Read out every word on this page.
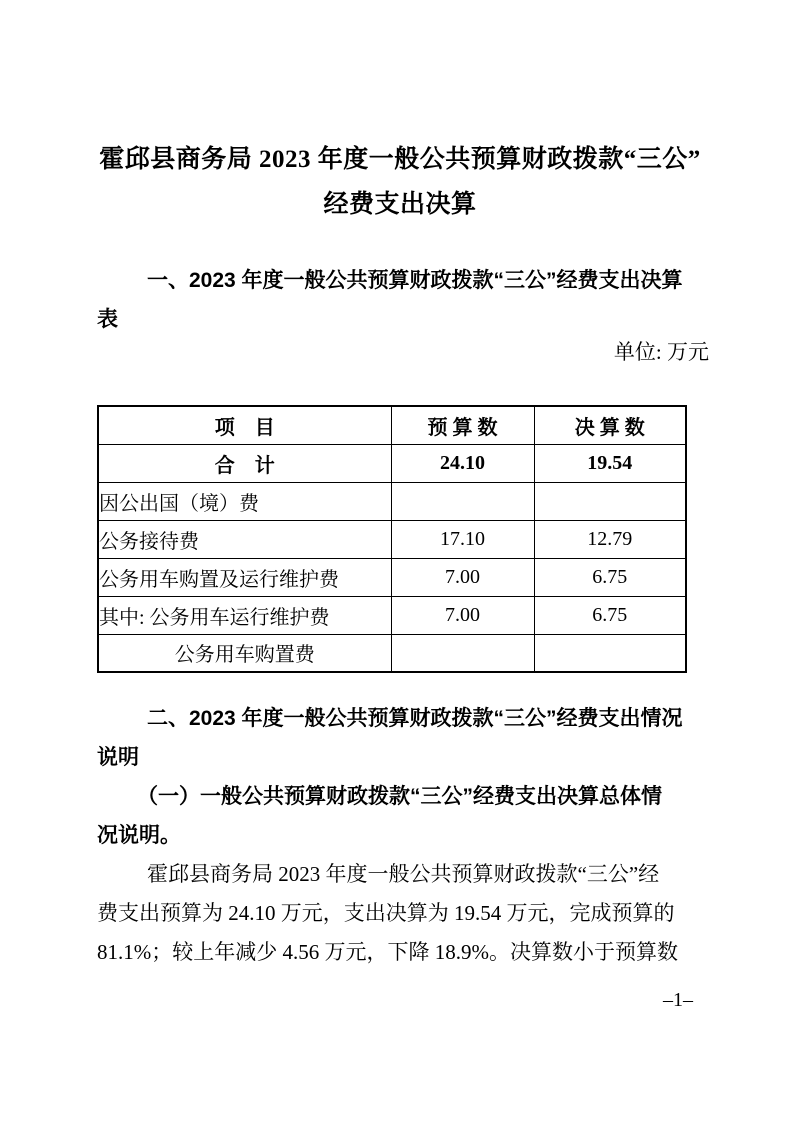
霍邱县商务局 2023 年度一般公共预算财政拨款“三公”
经费支出决算
一、2023 年度一般公共预算财政拨款“三公”经费支出决算
表
单位: 万元
项　目	预 算 数	决 算 数
合　计	24.10	19.54
因公出国（境）费		
公务接待费	17.10	12.79
公务用车购置及运行维护费	7.00	6.75
其中: 公务用车运行维护费	7.00	6.75
公务用车购置费		
二、2023 年度一般公共预算财政拨款“三公”经费支出情况
说明
（一）一般公共预算财政拨款“三公”经费支出决算总体情
况说明。
霍邱县商务局 2023 年度一般公共预算财政拨款“三公”经
费支出预算为 24.10 万元，支出决算为 19.54 万元，完成预算的
81.1%；较上年减少 4.56 万元，下降 18.9%。决算数小于预算数
–1–
